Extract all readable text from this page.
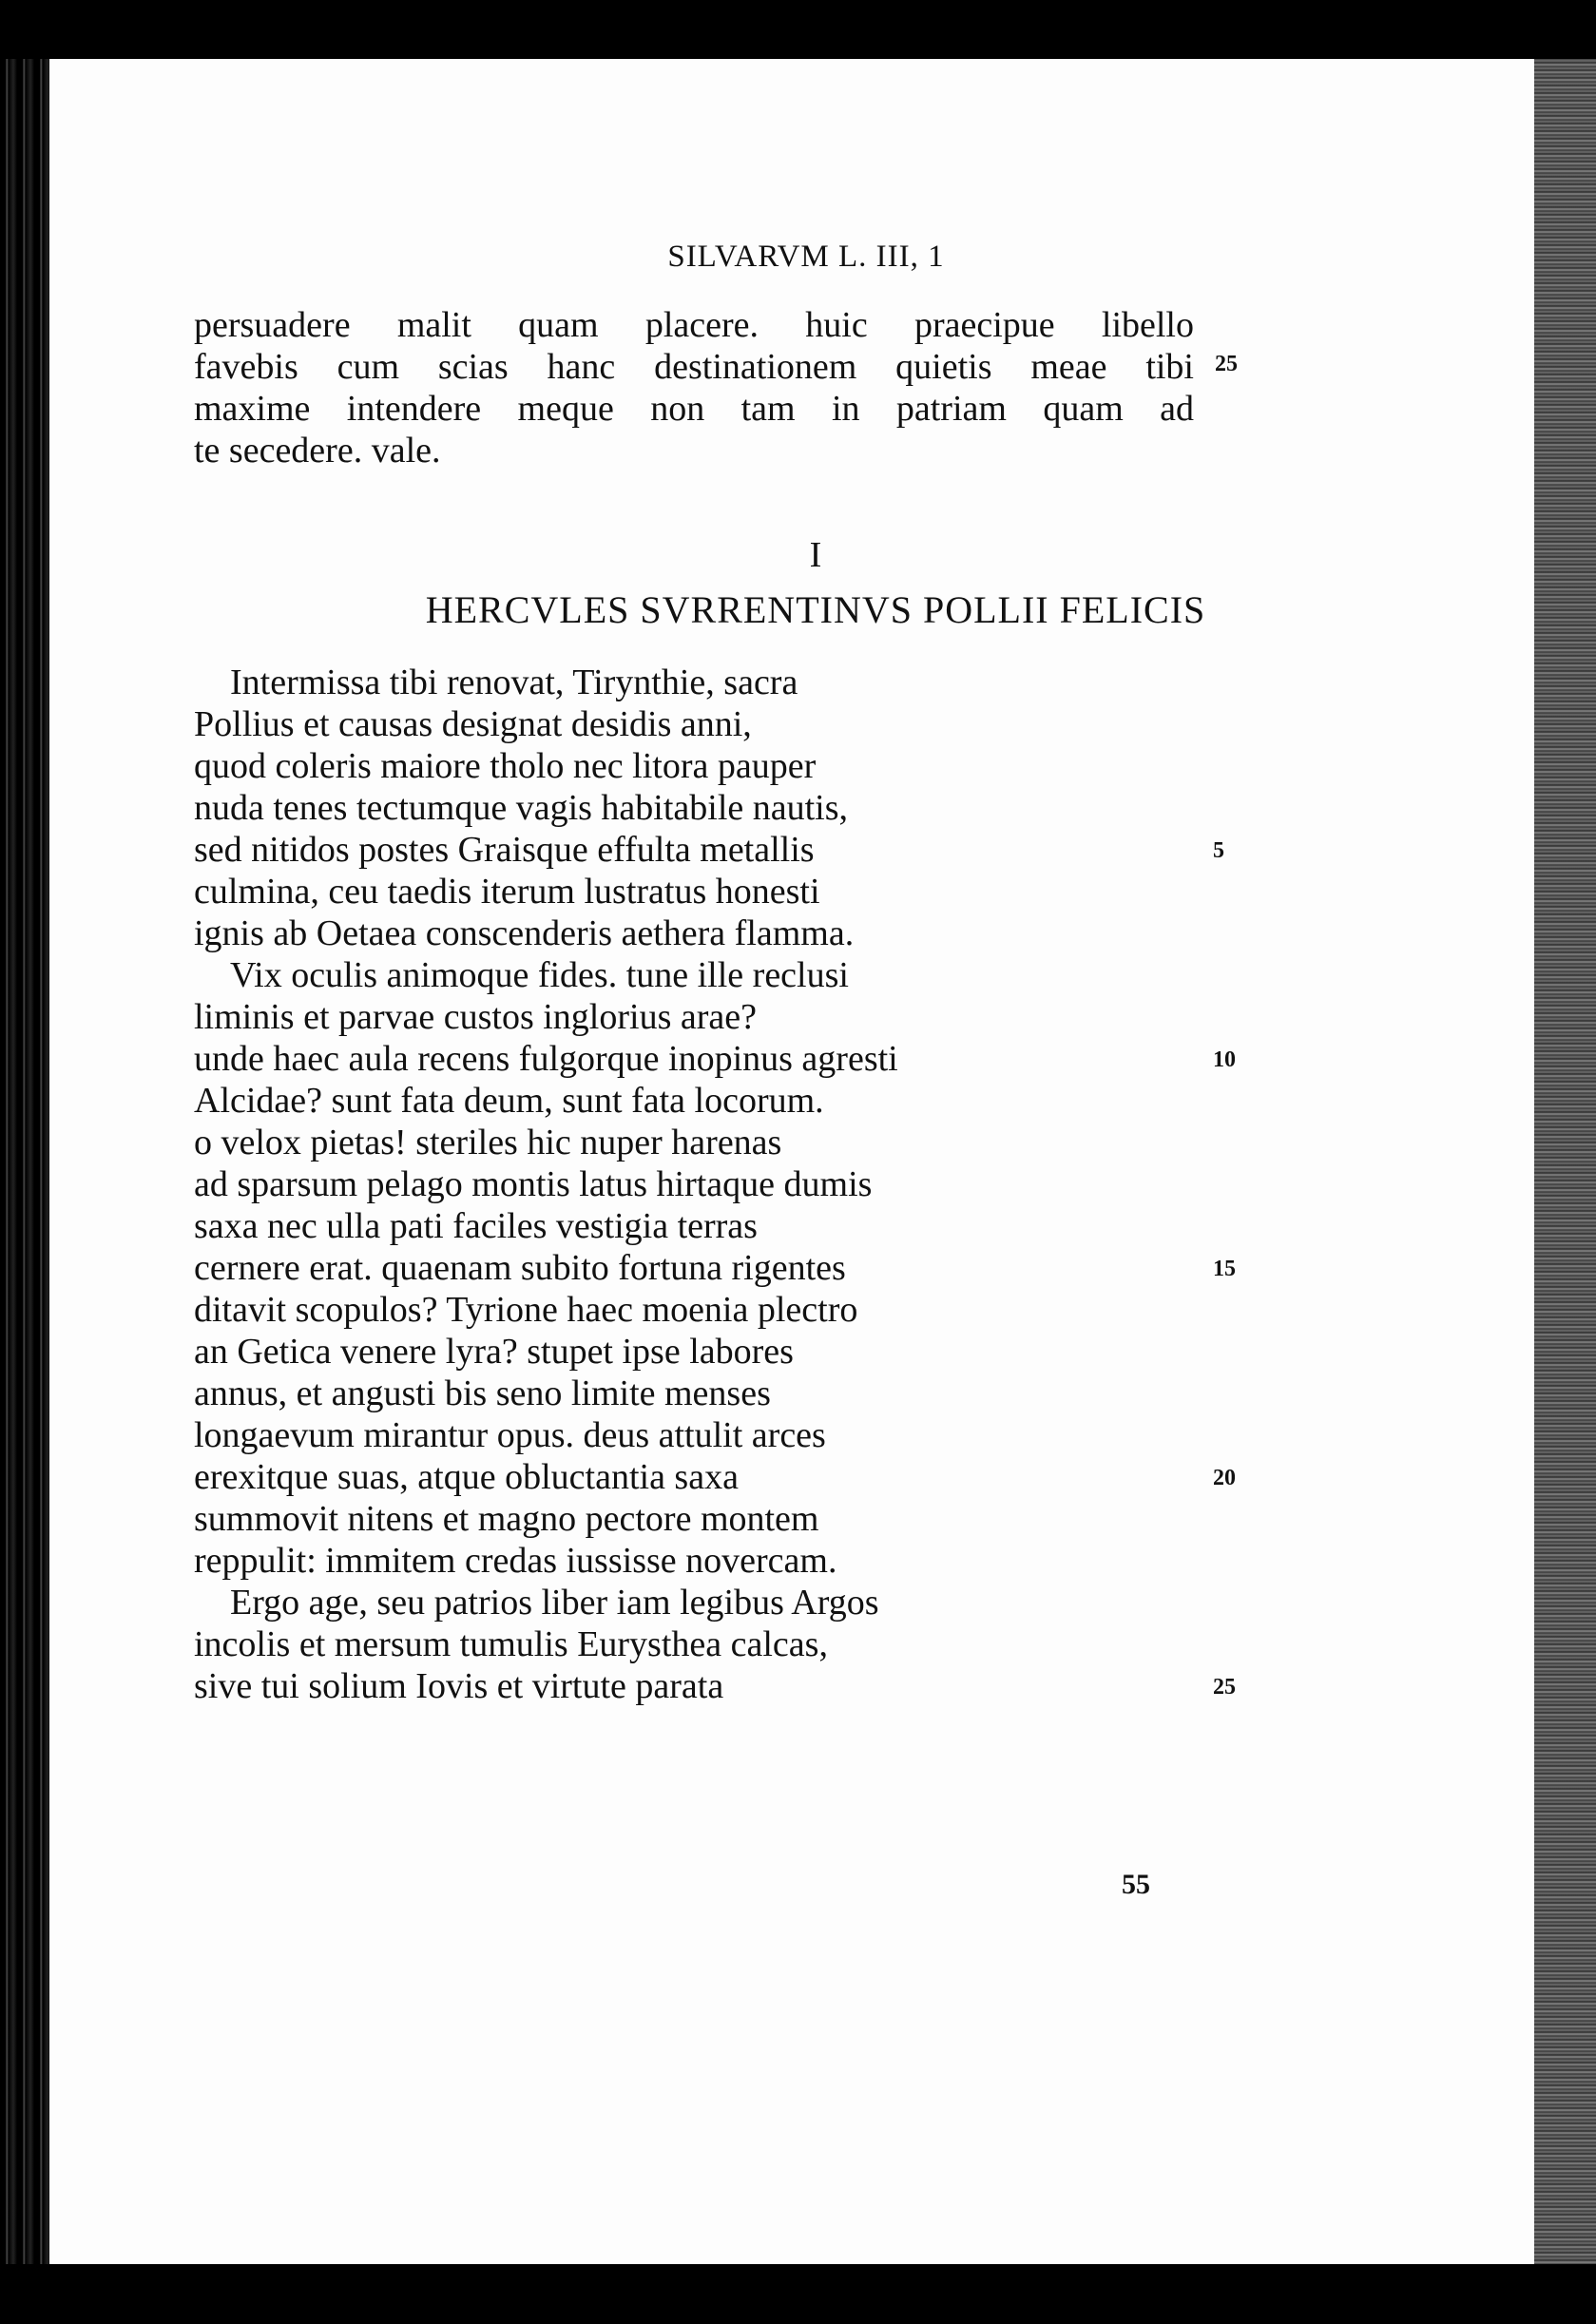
SILVARVM L. III, 1
persuadere malit quam placere. huic praecipue libello
favebis cum scias hanc destinationem quietis meae tibi 25
maxime intendere meque non tam in patriam quam ad
te secedere. vale.
I
HERCVLES SVRRENTINVS POLLII FELICIS
Intermissa tibi renovat, Tirynthie, sacra
Pollius et causas designat desidis anni,
quod coleris maiore tholo nec litora pauper
nuda tenes tectumque vagis habitabile nautis,
sed nitidos postes Graisque effulta metallis	5
culmina, ceu taedis iterum lustratus honesti
ignis ab Oetaea conscenderis aethera flamma.
Vix oculis animoque fides. tune ille reclusi
liminis et parvae custos inglorius arae?
unde haec aula recens fulgorque inopinus agresti	10
Alcidae? sunt fata deum, sunt fata locorum.
o velox pietas! steriles hic nuper harenas
ad sparsum pelago montis latus hirtaque dumis
saxa nec ulla pati faciles vestigia terras
cernere erat. quaenam subito fortuna rigentes	15
ditavit scopulos? Tyrione haec moenia plectro
an Getica venere lyra? stupet ipse labores
annus, et angusti bis seno limite menses
longaevum mirantur opus. deus attulit arces
erexitque suas, atque obluctantia saxa	20
summovit nitens et magno pectore montem
reppulit: immitem credas iussisse novercam.
Ergo age, seu patrios liber iam legibus Argos
incolis et mersum tumulis Eurysthea calcas,
sive tui solium Iovis et virtute parata	25
55
